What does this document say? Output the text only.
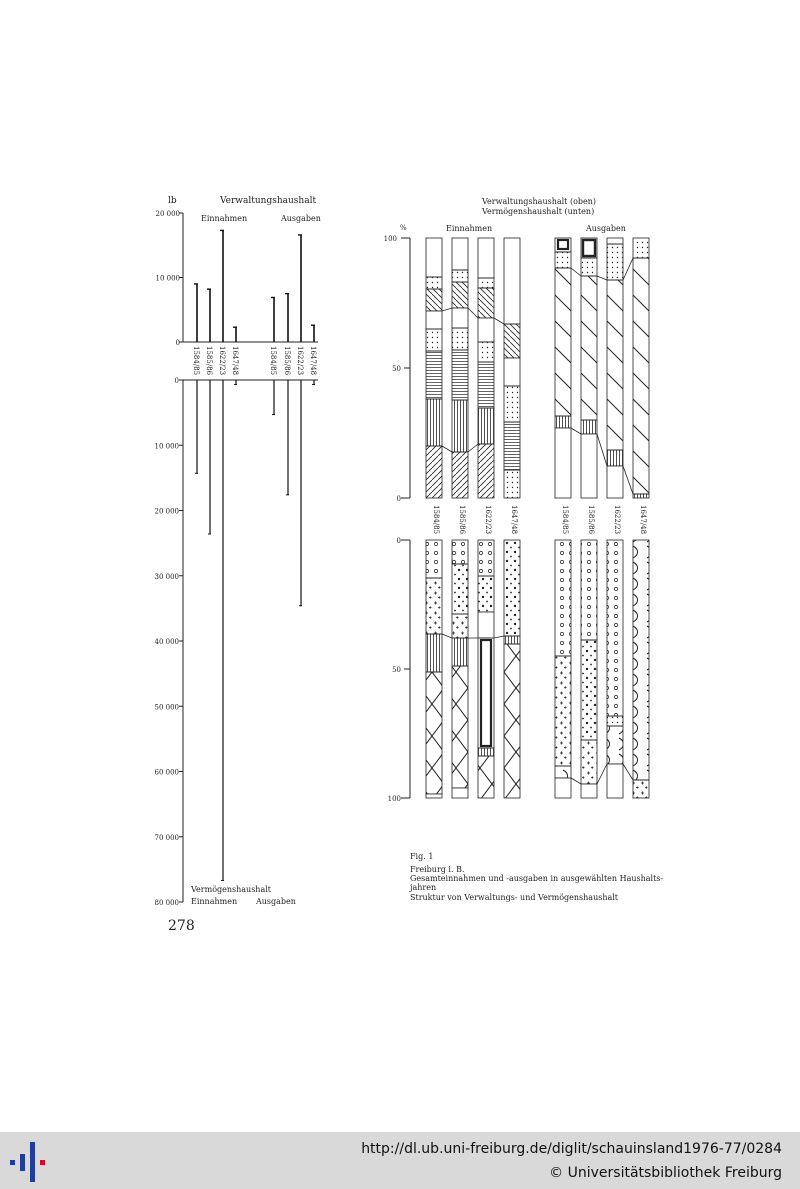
lb	Verwaltungshaushalt
Einnahmen	Ausgaben
Vermögenshaushalt
Einnahmen Ausgaben
20 000
10 000
0
0
10 000
20 000
30 000
40 000
50 000
60 000
70 000
80 000
1584/85 1585/86 1622/23 1647/48	1584/85 1585/86 1622/23 1647/48
Verwaltungshaushalt (oben)
Vermögenshaushalt (unten)
%	Einnahmen	Ausgaben
100
50
0
0
50
100
1584/85	1585/86	1622/23	1647/48	1584/85	1585/86	1622/23	1647/48
Fig. 1
Freiburg i. B.
Gesamteinnahmen und -ausgaben in ausgewählten Haushalts-
jahren
Struktur von Verwaltungs- und Vermögenshaushalt
278
http://dl.ub.uni-freiburg.de/diglit/schauinsland1976-77/0284
© Universitätsbibliothek Freiburg
